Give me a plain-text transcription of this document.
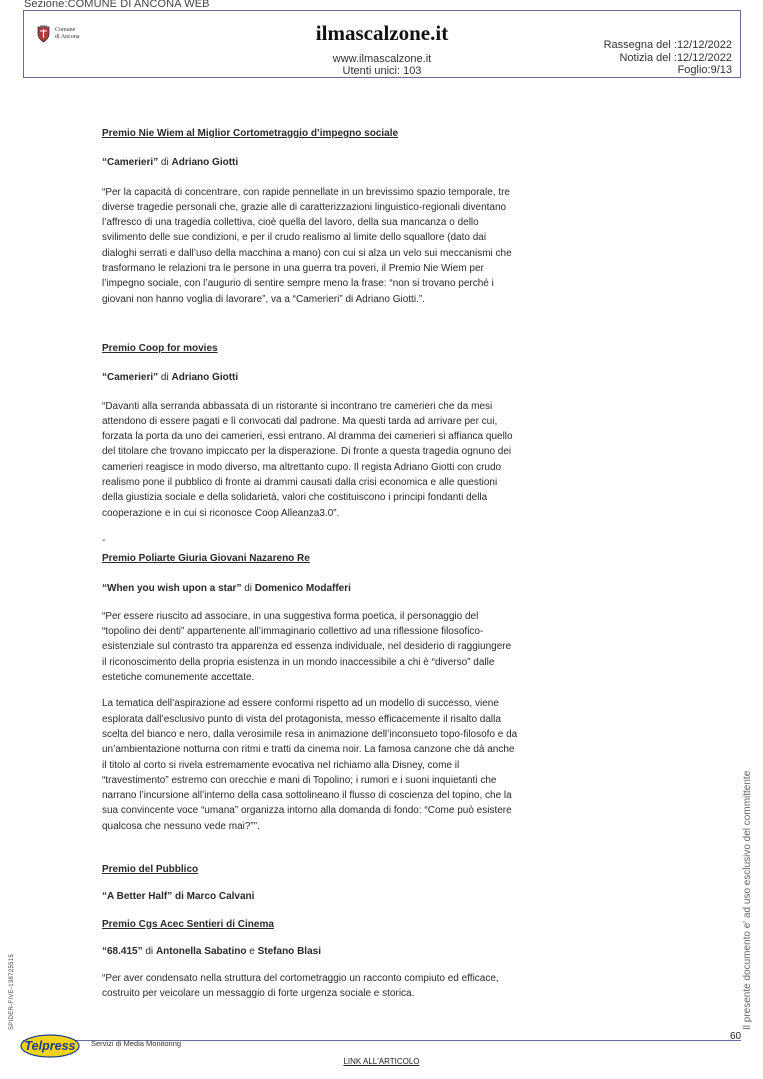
Sezione:COMUNE DI ANCONA WEB
Comune
di Ancona	ilmascalzone.it
www.ilmascalzone.it
Utenti unici: 103
Rassegna del :12/12/2022
Notizia del :12/12/2022
Foglio:9/13

Premio Nie Wiem al Miglior Cortometraggio d’impegno sociale

“Camerieri” di Adriano Giotti

“Per la capacità di concentrare, con rapide pennellate in un brevissimo spazio temporale, tre diverse tragedie personali che, grazie alle di caratterizzazioni linguistico-regionali diventano l’affresco di una tragedia collettiva, cioè quella del lavoro, della sua mancanza o dello svilimento delle sue condizioni, e per il crudo realismo al limite dello squallore (dato dai dialoghi serrati e dall’uso della macchina a mano) con cui si alza un velo sui meccanismi che trasformano le relazioni tra le persone in una guerra tra poveri, il Premio Nie Wiem per l’impegno sociale, con l’augurio di sentire sempre meno la frase: “non si trovano perché i giovani non hanno voglia di lavorare”, va a “Camerieri” di Adriano Giotti.”.

Premio Coop for movies

“Camerieri” di Adriano Giotti

“Davanti alla serranda abbassata di un ristorante si incontrano tre camerieri che da mesi attendono di essere pagati e lì convocati dal padrone. Ma questi tarda ad arrivare per cui, forzata la porta da uno dei camerieri, essi entrano. Al dramma dei camerieri si affianca quello del titolare che trovano impiccato per la disperazione. Di fronte a questa tragedia ognuno dei camerieri reagisce in modo diverso, ma altrettanto cupo. Il regista Adriano Giotti con crudo realismo pone il pubblico di fronte ai drammi causati dalla crisi economica e alle questioni della giustizia sociale e della solidarietà, valori che costituiscono i principi fondanti della cooperazione e in cui si riconosce Coop Alleanza3.0”.

-

Premio Poliarte Giuria Giovani Nazareno Re

“When you wish upon a star” di Domenico Modafferi

“Per essere riuscito ad associare, in una suggestiva forma poetica, il personaggio del “topolino dei denti” appartenente all’immaginario collettivo ad una riflessione filosofico-esistenziale sul contrasto tra apparenza ed essenza individuale, nel desiderio di raggiungere il riconoscimento della propria esistenza in un mondo inaccessibile a chi è “diverso” dalle estetiche comunemente accettate.

La tematica dell’aspirazione ad essere conformi rispetto ad un modello di successo, viene esplorata dall’esclusivo punto di vista del protagonista, messo efficacemente il risalto dalla scelta del bianco e nero, dalla verosimile resa in animazione dell’inconsueto topo-filosofo e da un’ambientazione notturna con ritmi e tratti da cinema noir. La famosa canzone che dà anche il titolo al corto si rivela estremamente evocativa nel richiamo alla Disney, come il “travestimento” estremo con orecchie e mani di Topolino; i rumori e i suoni inquietanti che narrano l’incursione all’interno della casa sottolineano il flusso di coscienza del topino, che la sua convincente voce “umana” organizza intorno alla domanda di fondo: “Come può esistere qualcosa che nessuno vede mai?””.

Premio del Pubblico

“A Better Half” di Marco Calvani

Premio Cgs Acec Sentieri di Cinema

“68.415” di Antonella Sabatino e Stefano Blasi

“Per aver condensato nella struttura del cortometraggio un racconto compiuto ed efficace, costruito per veicolare un messaggio di forte urgenza sociale e storica.	Il presente documento e' ad uso esclusivo del committente
SPIDER-FIVE-138725515
60
Telpress Servizi di Media Monitoring
LINK ALL'ARTICOLO
